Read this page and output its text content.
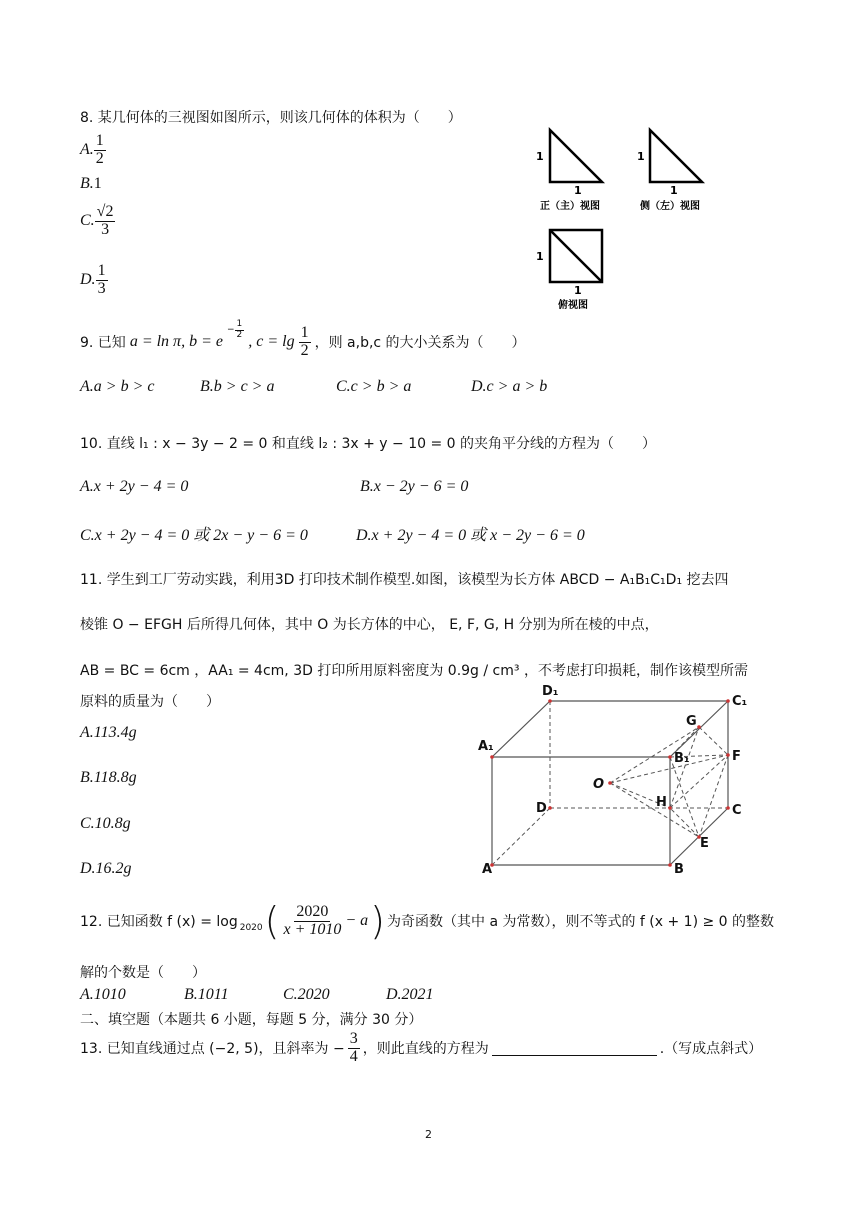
8. 某几何体的三视图如图所示，则该几何体的体积为（　　）
A. $\frac{1}{2}$
B.1
C. $\frac{√2}{3}$
D. $\frac{1}{3}$
1
1
正（主）视图
1
1
侧（左）视图
1
1
俯视图
9. 已知 a = ln π, b = e
− $\frac{1}{2}$
, $c = \lg \frac{1}{2}$ ，则 a,b,c 的大小关系为（　　）
A.a > b > c	B.b > c > a	C.c > b > a	D.c > a > b
10. 直线 l₁ : x − 3y − 2 = 0 和直线 l₂ : 3x + y − 10 = 0 的夹角平分线的方程为（　　）
A.x + 2y − 4 = 0	B.x − 2y − 6 = 0
C.x + 2y − 4 = 0 或 2x − y − 6 = 0	D.x + 2y − 4 = 0 或 x − 2y − 6 = 0
11. 学生到工厂劳动实践，利用3D 打印技术制作模型.如图，该模型为长方体 ABCD − A₁B₁C₁D₁ 挖去四
棱锥 O − EFGH 后所得几何体，其中 O 为长方体的中心， E, F, G, H 分别为所在棱的中点，
AB = BC = 6cm ，AA₁ = 4cm, 3D 打印所用原料密度为 0.9g / cm³ ，不考虑打印损耗，制作该模型所需
原料的质量为（　　）
A.113.4g
B.118.8g
C.10.8g
D.16.2g
D₁
C₁
A₁
B₁
G
F
O
D	H
C
E
A	B
12. 已知函数 f (x) = log 2020 ( $\frac{2020}{x + 1010} - a$ ) 为奇函数（其中 a 为常数），则不等式的 f (x + 1) ≥ 0 的整数
解的个数是（　　）
A.1010	B.1011	C.2020	D.2021
二、填空题（本题共 6 小题，每题 5 分，满分 30 分）
13. 已知直线通过点 (−2, 5)，且斜率为 − $\frac{3}{4}$ ，则此直线的方程为	.（写成点斜式）
2
